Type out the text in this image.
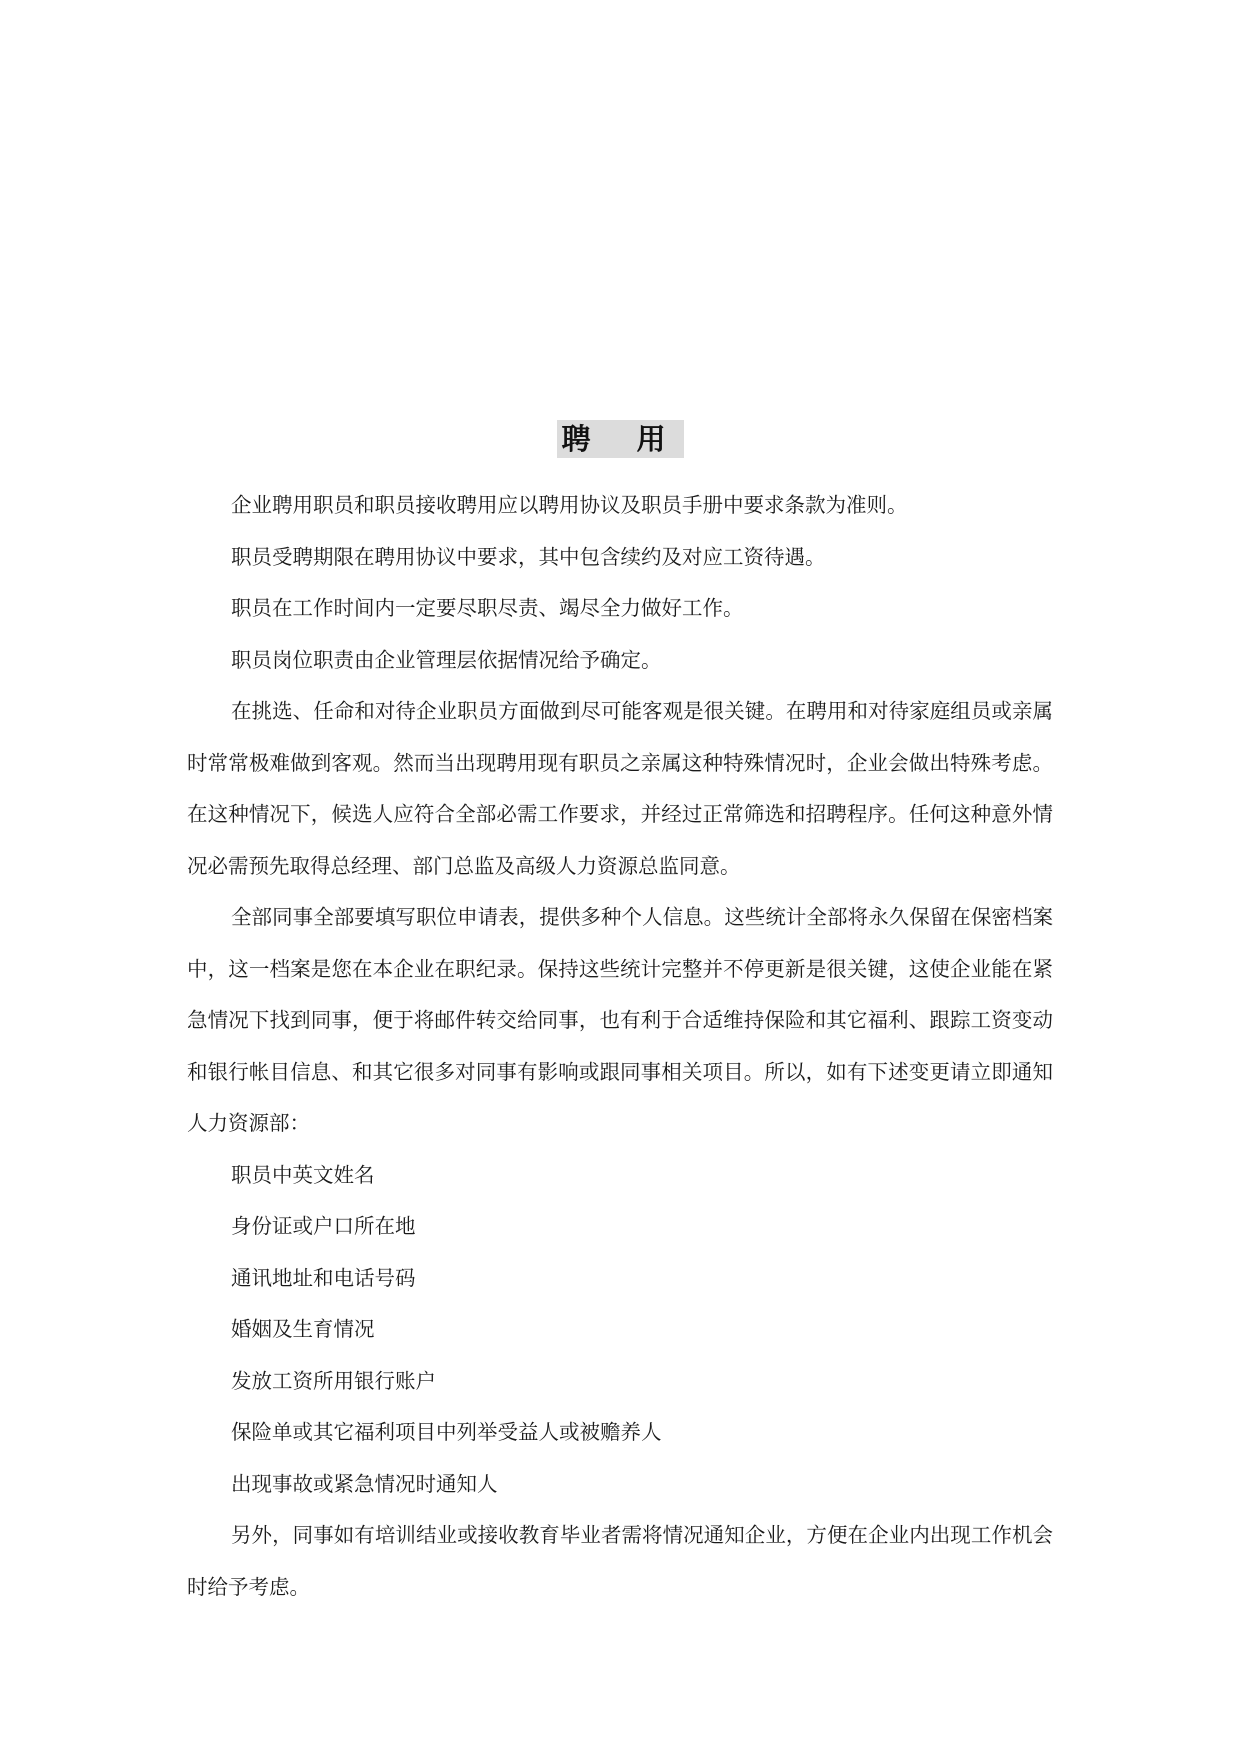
聘 用

企业聘用职员和职员接收聘用应以聘用协议及职员手册中要求条款为准则。

职员受聘期限在聘用协议中要求，其中包含续约及对应工资待遇。

职员在工作时间内一定要尽职尽责、竭尽全力做好工作。

职员岗位职责由企业管理层依据情况给予确定。

在挑选、任命和对待企业职员方面做到尽可能客观是很关键。在聘用和对待家庭组员或亲属时常常极难做到客观。然而当出现聘用现有职员之亲属这种特殊情况时，企业会做出特殊考虑。在这种情况下，候选人应符合全部必需工作要求，并经过正常筛选和招聘程序。任何这种意外情况必需预先取得总经理、部门总监及高级人力资源总监同意。

全部同事全部要填写职位申请表，提供多种个人信息。这些统计全部将永久保留在保密档案中，这一档案是您在本企业在职纪录。保持这些统计完整并不停更新是很关键，这使企业能在紧急情况下找到同事，便于将邮件转交给同事，也有利于合适维持保险和其它福利、跟踪工资变动和银行帐目信息、和其它很多对同事有影响或跟同事相关项目。所以，如有下述变更请立即通知人力资源部：

职员中英文姓名

身份证或户口所在地

通讯地址和电话号码

婚姻及生育情况

发放工资所用银行账户

保险单或其它福利项目中列举受益人或被赡养人

出现事故或紧急情况时通知人

另外，同事如有培训结业或接收教育毕业者需将情况通知企业，方便在企业内出现工作机会时给予考虑。
